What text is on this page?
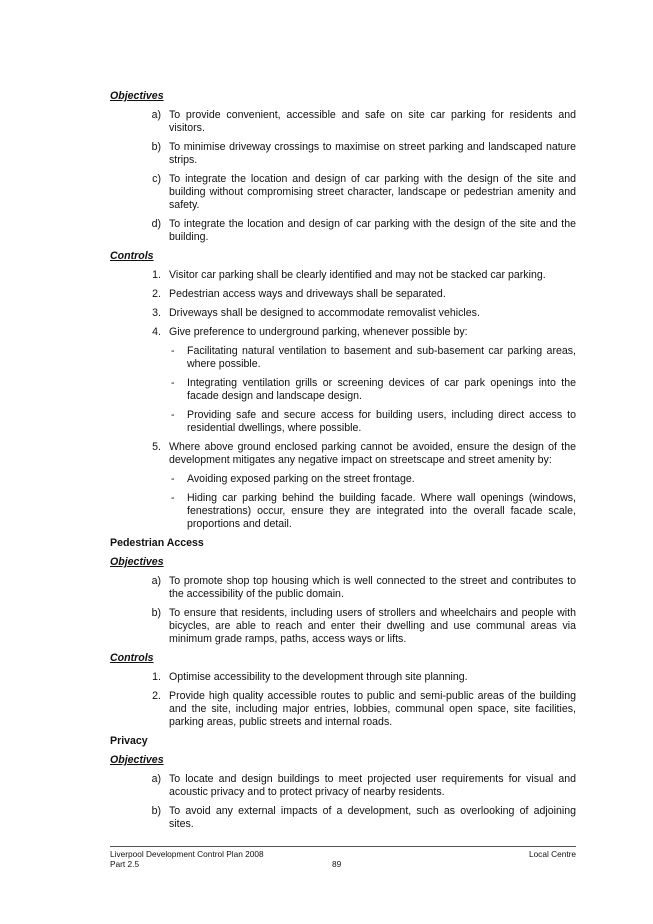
Objectives
a) To provide convenient, accessible and safe on site car parking for residents and visitors.
b) To minimise driveway crossings to maximise on street parking and landscaped nature strips.
c) To integrate the location and design of car parking with the design of the site and building without compromising street character, landscape or pedestrian amenity and safety.
d) To integrate the location and design of car parking with the design of the site and the building.
Controls
1. Visitor car parking shall be clearly identified and may not be stacked car parking.
2. Pedestrian access ways and driveways shall be separated.
3. Driveways shall be designed to accommodate removalist vehicles.
4. Give preference to underground parking, whenever possible by:
-	Facilitating natural ventilation to basement and sub-basement car parking areas, where possible.
-	Integrating ventilation grills or screening devices of car park openings into the facade design and landscape design.
-	Providing safe and secure access for building users, including direct access to residential dwellings, where possible.
5. Where above ground enclosed parking cannot be avoided, ensure the design of the development mitigates any negative impact on streetscape and street amenity by:
-	Avoiding exposed parking on the street frontage.
-	Hiding car parking behind the building facade. Where wall openings (windows, fenestrations) occur, ensure they are integrated into the overall facade scale, proportions and detail.
Pedestrian Access
Objectives
a) To promote shop top housing which is well connected to the street and contributes to the accessibility of the public domain.
b) To ensure that residents, including users of strollers and wheelchairs and people with bicycles, are able to reach and enter their dwelling and use communal areas via minimum grade ramps, paths, access ways or lifts.
Controls
1. Optimise accessibility to the development through site planning.
2. Provide high quality accessible routes to public and semi-public areas of the building and the site, including major entries, lobbies, communal open space, site facilities, parking areas, public streets and internal roads.
Privacy
Objectives
a) To locate and design buildings to meet projected user requirements for visual and acoustic privacy and to protect privacy of nearby residents.
b) To avoid any external impacts of a development, such as overlooking of adjoining sites.
Liverpool Development Control Plan 2008	Local Centre
Part 2.5	89
